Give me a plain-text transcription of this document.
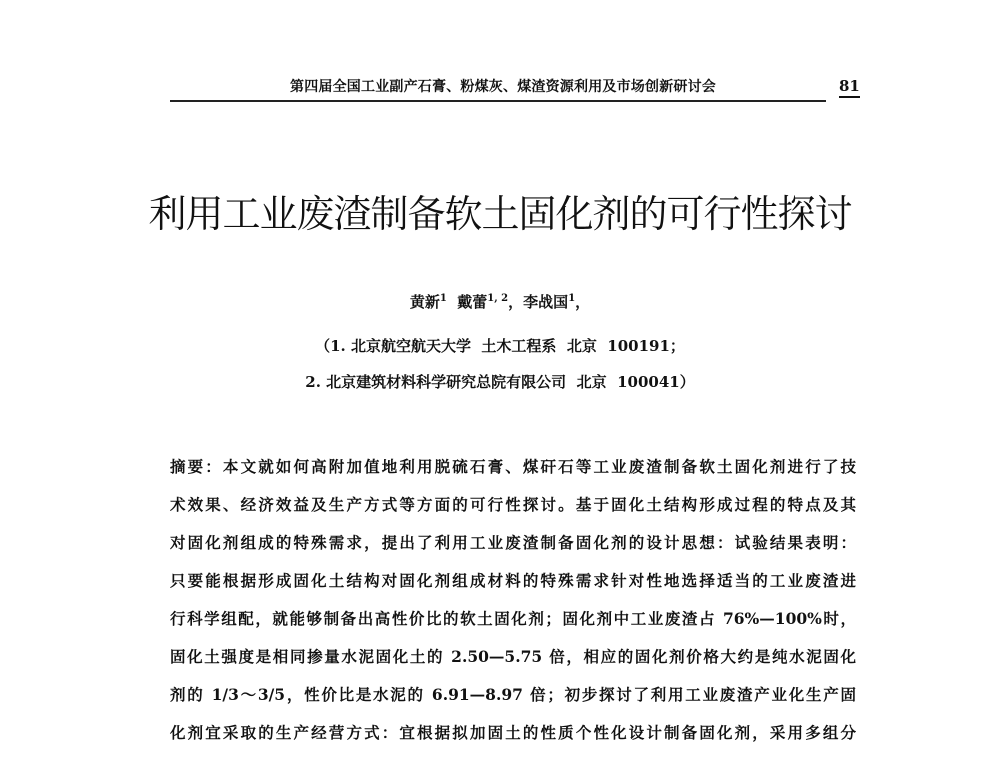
第四届全国工业副产石膏、粉煤灰、煤渣资源利用及市场创新研讨会	81
利用工业废渣制备软土固化剂的可行性探讨
黄新$^1$ 戴蕾$^{1, 2}$，李战国$^1$，
（1. 北京航空航天大学  土木工程系  北京  100191；
2. 北京建筑材料科学研究总院有限公司  北京  100041）
摘要：本文就如何高附加值地利用脱硫石膏、煤矸石等工业废渣制备软土固化剂进行了技
术效果、经济效益及生产方式等方面的可行性探讨。基于固化土结构形成过程的特点及其
对固化剂组成的特殊需求，提出了利用工业废渣制备固化剂的设计思想：试验结果表明：
只要能根据形成固化土结构对固化剂组成材料的特殊需求针对性地选择适当的工业废渣进
行科学组配，就能够制备出高性价比的软土固化剂；固化剂中工业废渣占 76%—100%时，
固化土强度是相同掺量水泥固化土的 2.50—5.75 倍，相应的固化剂价格大约是纯水泥固化
剂的 1/3～3/5，性价比是水泥的 6.91—8.97 倍；初步探讨了利用工业废渣产业化生产固
化剂宜采取的生产经营方式：宜根据拟加固土的性质个性化设计制备固化剂，采用多组分
